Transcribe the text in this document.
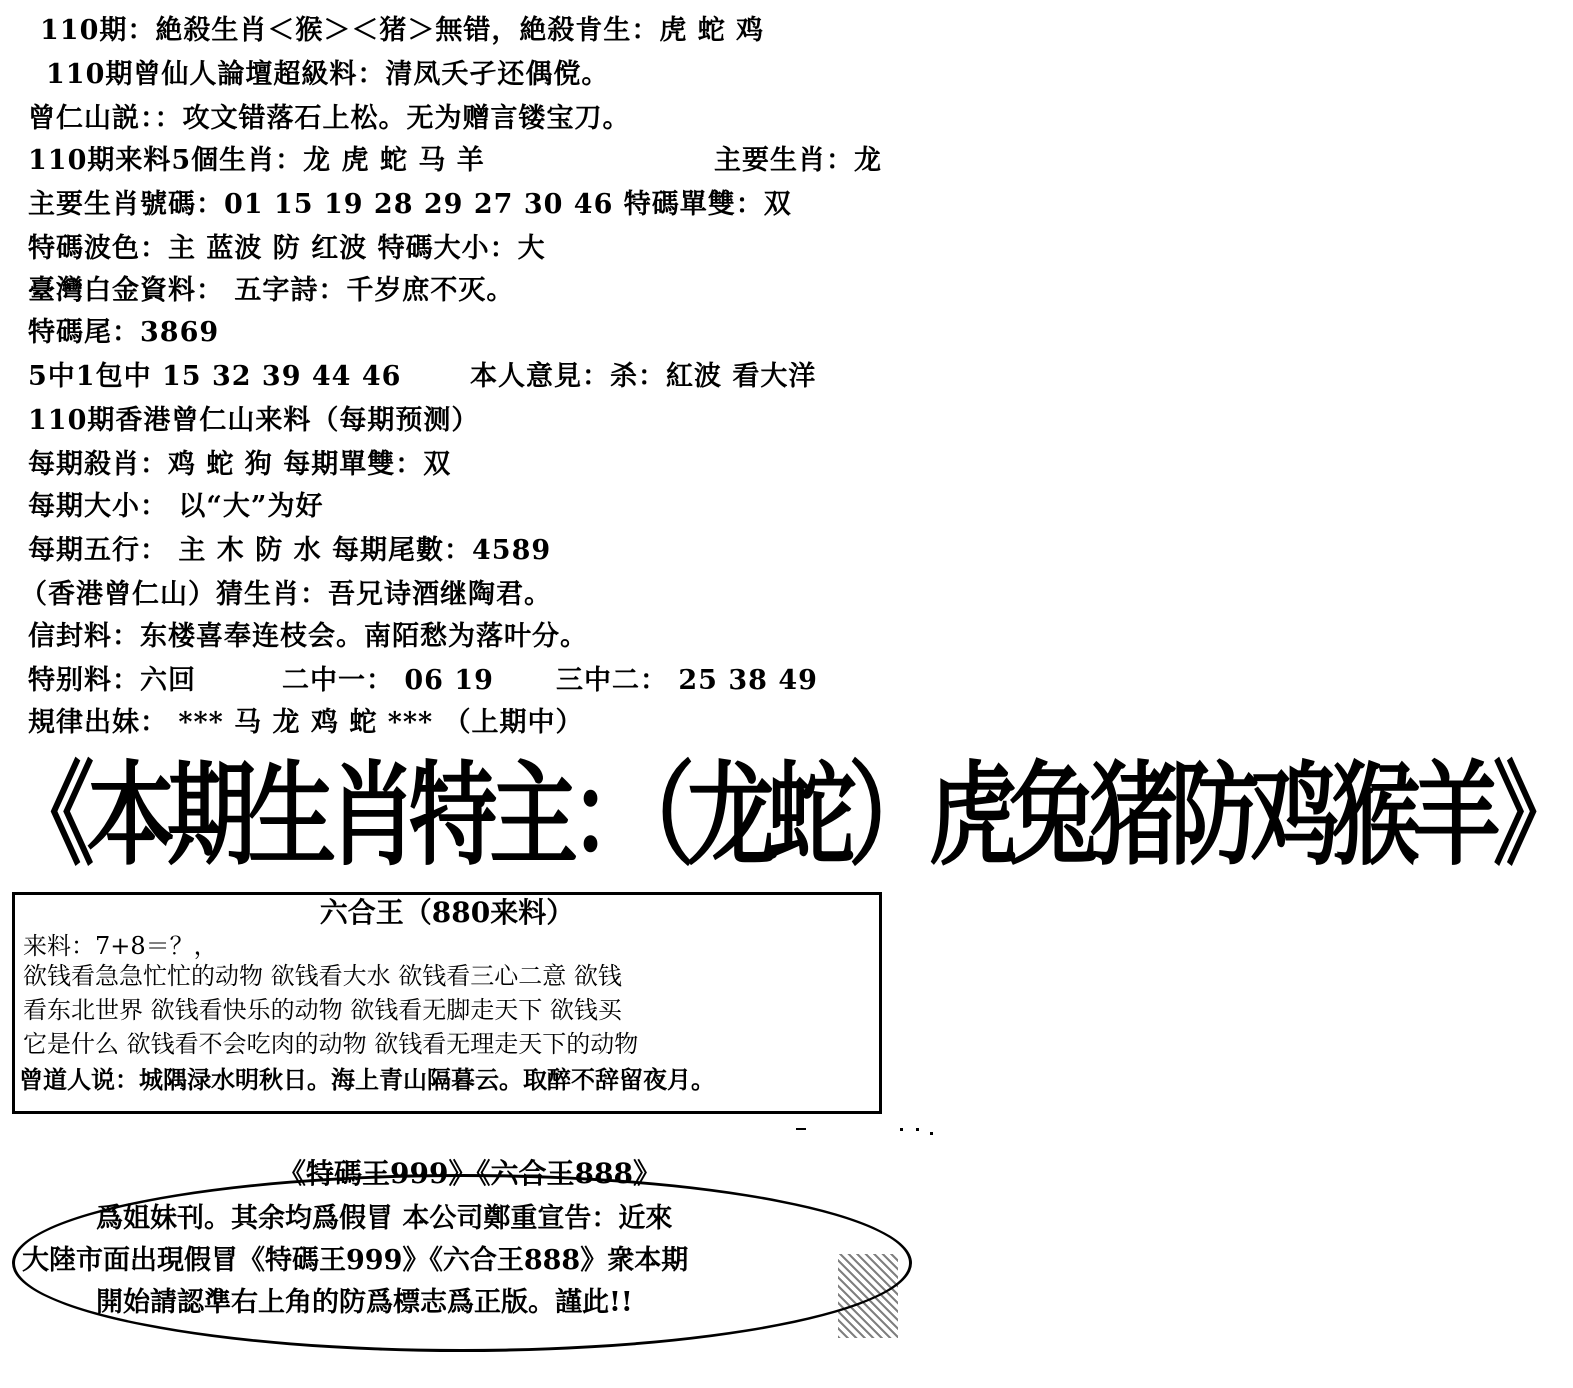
110期：絶殺生肖＜猴＞＜猪＞無错，絶殺肯生：虎 蛇 鸡
110期曾仙人論壇超級料：清凤夭孑还偶傥。
曾仁山説：：攻文错落石上松。无为赠言镂宝刀。
110期来料5個生肖：龙 虎 蛇 马 羊	主要生肖：龙
主要生肖號碼：01 15 19 28 29 27 30 46 特碼單雙：双
特碼波色：主 蓝波 防 红波 特碼大小：大
臺灣白金資料： 五字詩：千岁庶不灭。
特碼尾：3869
5中1包中 15 32 39 44 46	本人意見：杀：紅波 看大洋
110期香港曾仁山来料（每期预测）
每期殺肖：鸡 蛇 狗 每期單雙：双
每期大小： 以“大”为好
每期五行： 主 木 防 水 每期尾數：4589
（香港曾仁山）猜生肖：吾兄诗酒继陶君。
信封料：东楼喜奉连枝会。南陌愁为落叶分。
特别料：六回	二中一： 06 19 三中二： 25 38 49
規律出妹： *** 马 龙 鸡 蛇 *** （上期中）
《本期生肖特主：（龙蛇）虎兔猪防鸡猴羊》
六合王（880来料）
来料：7+8＝？，
欲钱看急急忙忙的动物 欲钱看大水 欲钱看三心二意 欲钱
看东北世界 欲钱看快乐的动物 欲钱看无脚走天下 欲钱买
它是什么 欲钱看不会吃肉的动物 欲钱看无理走天下的动物
曾道人说：城隅渌水明秋日。海上青山隔暮云。取醉不辞留夜月。
《特碼王999》《六合王888》
爲姐妹刊。其余均爲假冒 本公司鄭重宣告：近來
大陸市面出現假冒《特碼王999》《六合王888》衆本期
開始請認準右上角的防爲標志爲正版。謹此!!
